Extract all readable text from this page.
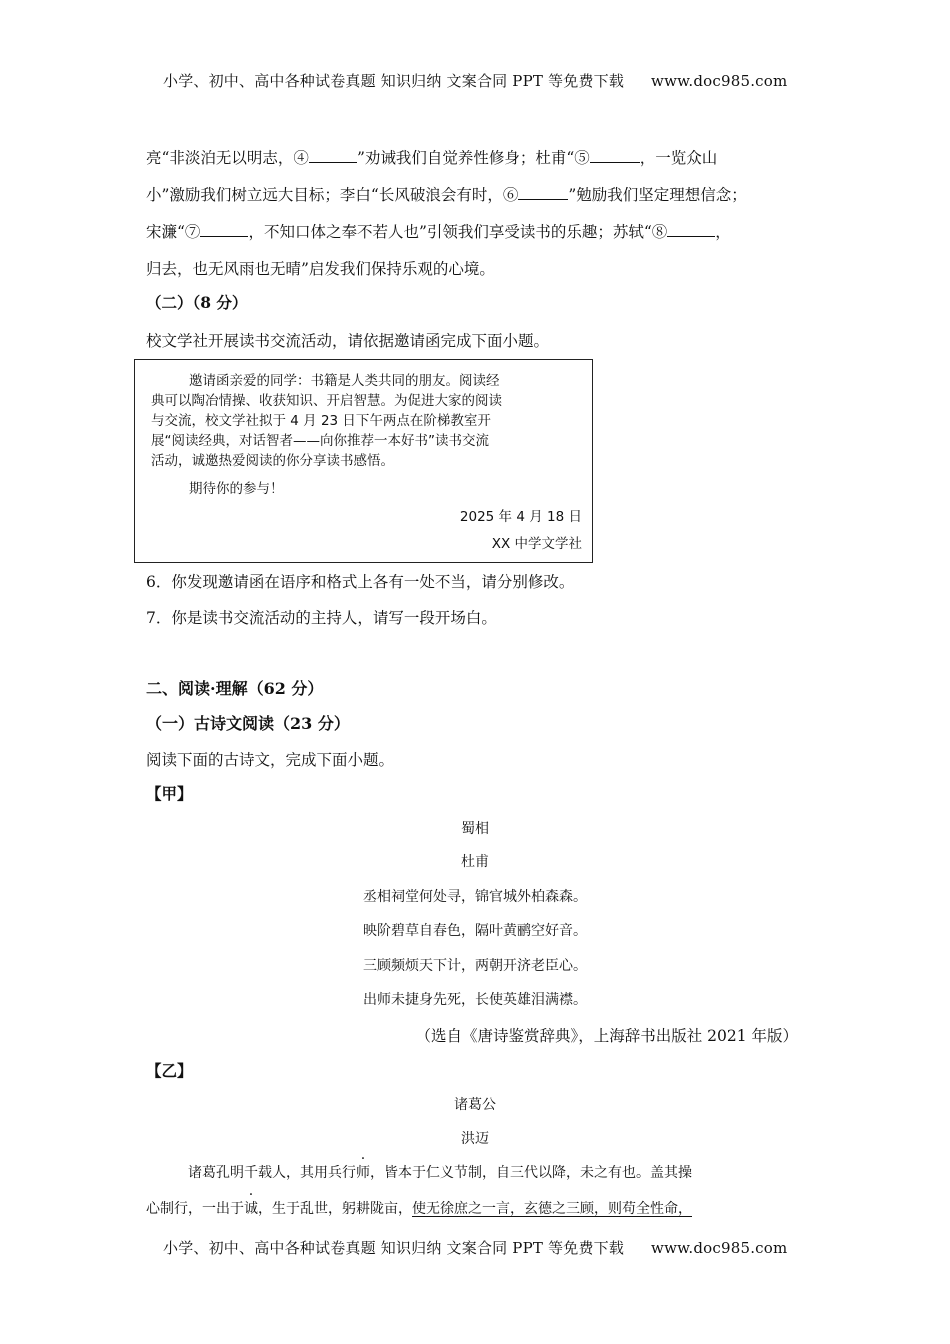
小学、初中、高中各种试卷真题 知识归纳 文案合同 PPT 等免费下载 www.doc985.com
亮“非淡泊无以明志，④	”劝诫我们自觉养性修身；杜甫“⑤	，一览众山
小”激励我们树立远大目标；李白“长风破浪会有时，⑥	”勉励我们坚定理想信念；
宋濂“⑦	，不知口体之奉不若人也”引领我们享受读书的乐趣；苏轼“⑧	，
归去，也无风雨也无晴”启发我们保持乐观的心境。
（二）（8 分）
校文学社开展读书交流活动，请依据邀请函完成下面小题。
邀请函亲爱的同学：书籍是人类共同的朋友。阅读经
典可以陶冶情操、收获知识、开启智慧。为促进大家的阅读
与交流，校文学社拟于 4 月 23 日下午两点在阶梯教室开
展“阅读经典，对话智者——向你推荐一本好书”读书交流
活动，诚邀热爱阅读的你分享读书感悟。
期待你的参与！
2025 年 4 月 18 日
XX 中学文学社
6．你发现邀请函在语序和格式上各有一处不当，请分别修改。
7．你是读书交流活动的主持人，请写一段开场白。
二、阅读·理解（62 分）
（一）古诗文阅读（23 分）
阅读下面的古诗文，完成下面小题。
【甲】
蜀相
杜甫
丞相祠堂何处寻，锦官城外柏森森。
映阶碧草自春色，隔叶黄鹂空好音。
三顾频烦天下计，两朝开济老臣心。
出师未捷身先死，长使英雄泪满襟。
（选自《唐诗鉴赏辞典》，上海辞书出版社 2021 年版）
【乙】
诸葛公
洪迈
诸葛孔明千载人，其用兵行师，皆本于仁义节制，自三代以降，未之有也。盖其操
心制行，一出于诚，生于乱世，躬耕陇亩，使无徐庶之一言，玄德之三顾，则苟全性命，
小学、初中、高中各种试卷真题 知识归纳 文案合同 PPT 等免费下载 www.doc985.com
